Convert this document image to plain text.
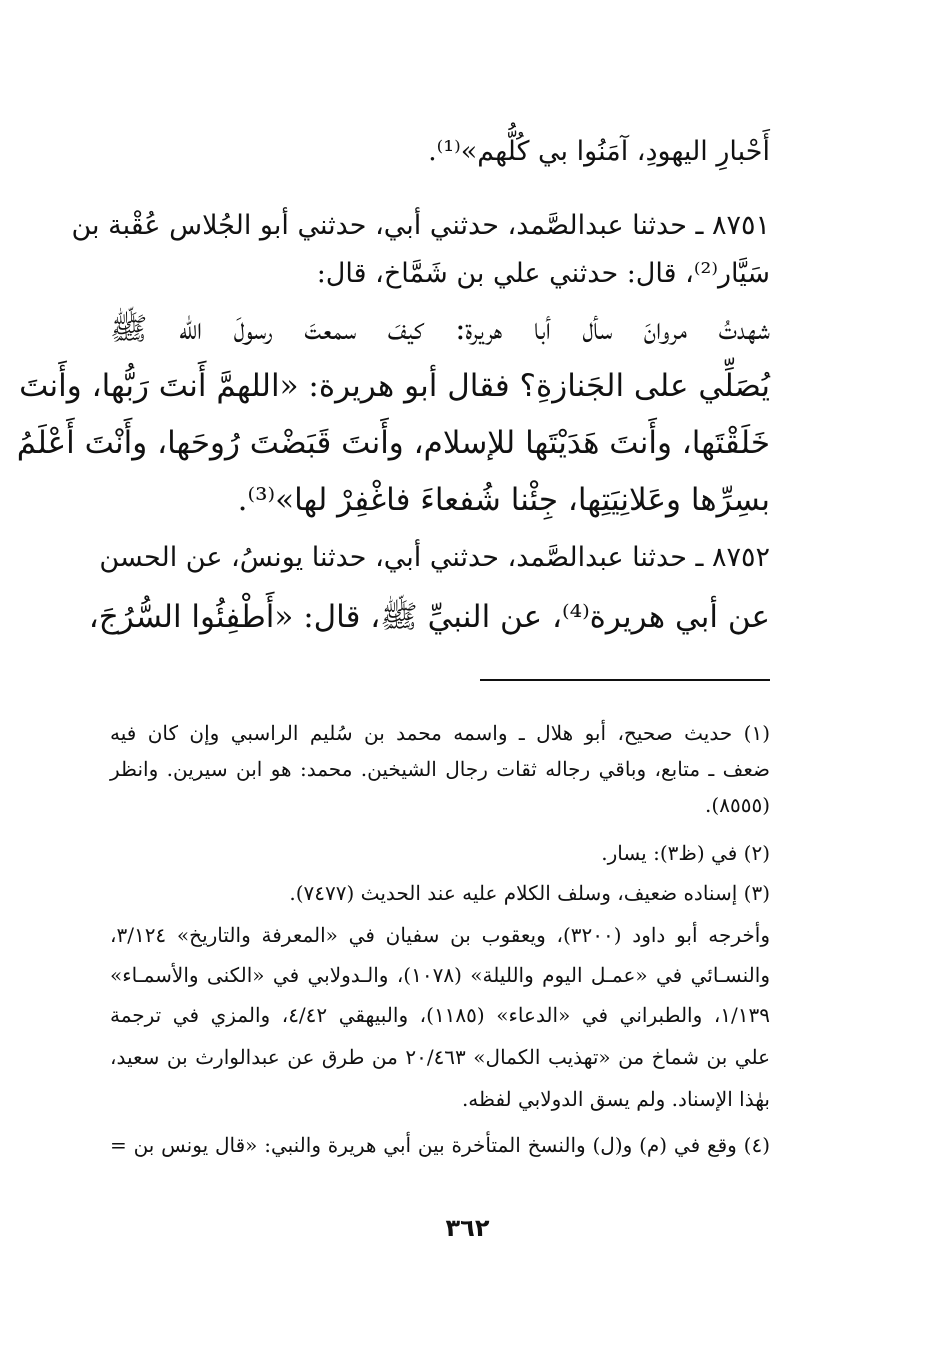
أَحْبارِ اليهودِ، آمَنُوا بي كُلُّهم»⁽¹⁾.
٨٧٥١ ـ حدثنا عبدالصَّمد، حدثني أبي، حدثني أبو الجُلاس عُقْبة بن
سَيَّار⁽²⁾، قال: حدثني علي بن شَمَّاخ، قال:
شهدتُ مروانَ سأل أبا هريرة: كيفَ سمعتَ رسولَ الله ﷺ
يُصَلِّي على الجَنازةِ؟ فقال أبو هريرة: «اللهمَّ أَنتَ رَبُّها، وأَنتَ
خَلَقْتَها، وأَنتَ هَدَيْتَها للإسلام، وأَنتَ قَبَضْتَ رُوحَها، وأَنْتَ أَعْلَمُ
بسِرِّها وعَلانِيَتِها، جِئْنا شُفعاءَ فاغْفِرْ لها»⁽³⁾.
٨٧٥٢ ـ حدثنا عبدالصَّمد، حدثني أبي، حدثنا يونسُ، عن الحسن
عن أبي هريرة⁽⁴⁾، عن النبيِّ ﷺ، قال: «أَطْفِئُوا السُّرُجَ،
(١) حديث صحيح، أبو هلال ـ واسمه محمد بن سُليم الراسبي وإن كان فيه
ضعف ـ متابع، وباقي رجاله ثقات رجال الشيخين. محمد: هو ابن سيرين. وانظر
(٨٥٥٥).
(٢) في (ظ٣): يسار.
(٣) إسناده ضعيف، وسلف الكلام عليه عند الحديث (٧٤٧٧).
وأخرجه أبو داود (٣٢٠٠)، ويعقوب بن سفيان في «المعرفة والتاريخ» ٣/١٢٤،
والنسـائي في «عمـل اليوم والليلة» (١٠٧٨)، والـدولابي في «الكنى والأسمـاء»
١/١٣٩، والطبراني في «الدعاء» (١١٨٥)، والبيهقي ٤/٤٢، والمزي في ترجمة
علي بن شماخ من «تهذيب الكمال» ٢٠/٤٦٣ من طرق عن عبدالوارث بن سعيد،
بهٰذا الإسناد. ولم يسق الدولابي لفظه.
(٤) وقع في (م) و(ل) والنسخ المتأخرة بين أبي هريرة والنبي: «قال يونس بن =
٣٦٢
